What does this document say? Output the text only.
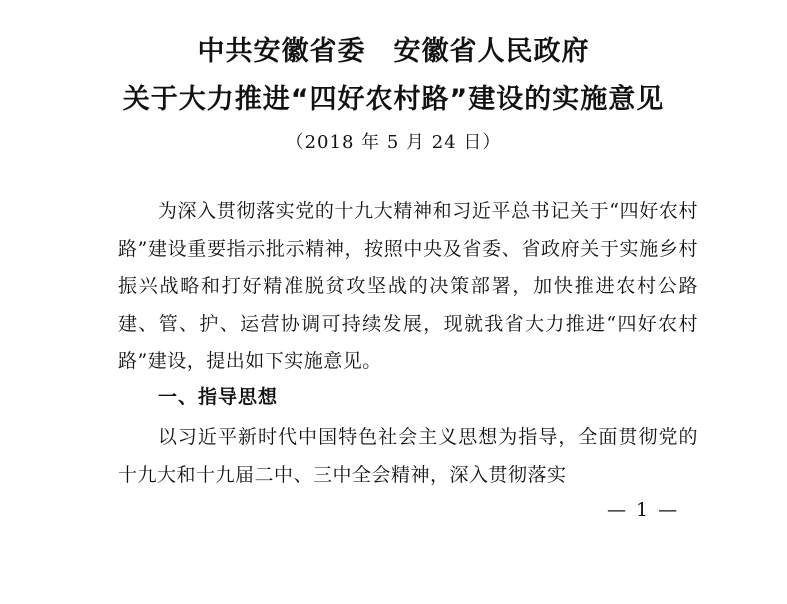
中共安徽省委　安徽省人民政府
关于大力推进“四好农村路”建设的实施意见
（2018 年 5 月 24 日）

为深入贯彻落实党的十九大精神和习近平总书记关于“四好农村路”建设重要指示批示精神，按照中央及省委、省政府关于实施乡村振兴战略和打好精准脱贫攻坚战的决策部署，加快推进农村公路建、管、护、运营协调可持续发展，现就我省大力推进“四好农村路”建设，提出如下实施意见。

一、指导思想

以习近平新时代中国特色社会主义思想为指导，全面贯彻党的十九大和十九届二中、三中全会精神，深入贯彻落实

— 1 —
